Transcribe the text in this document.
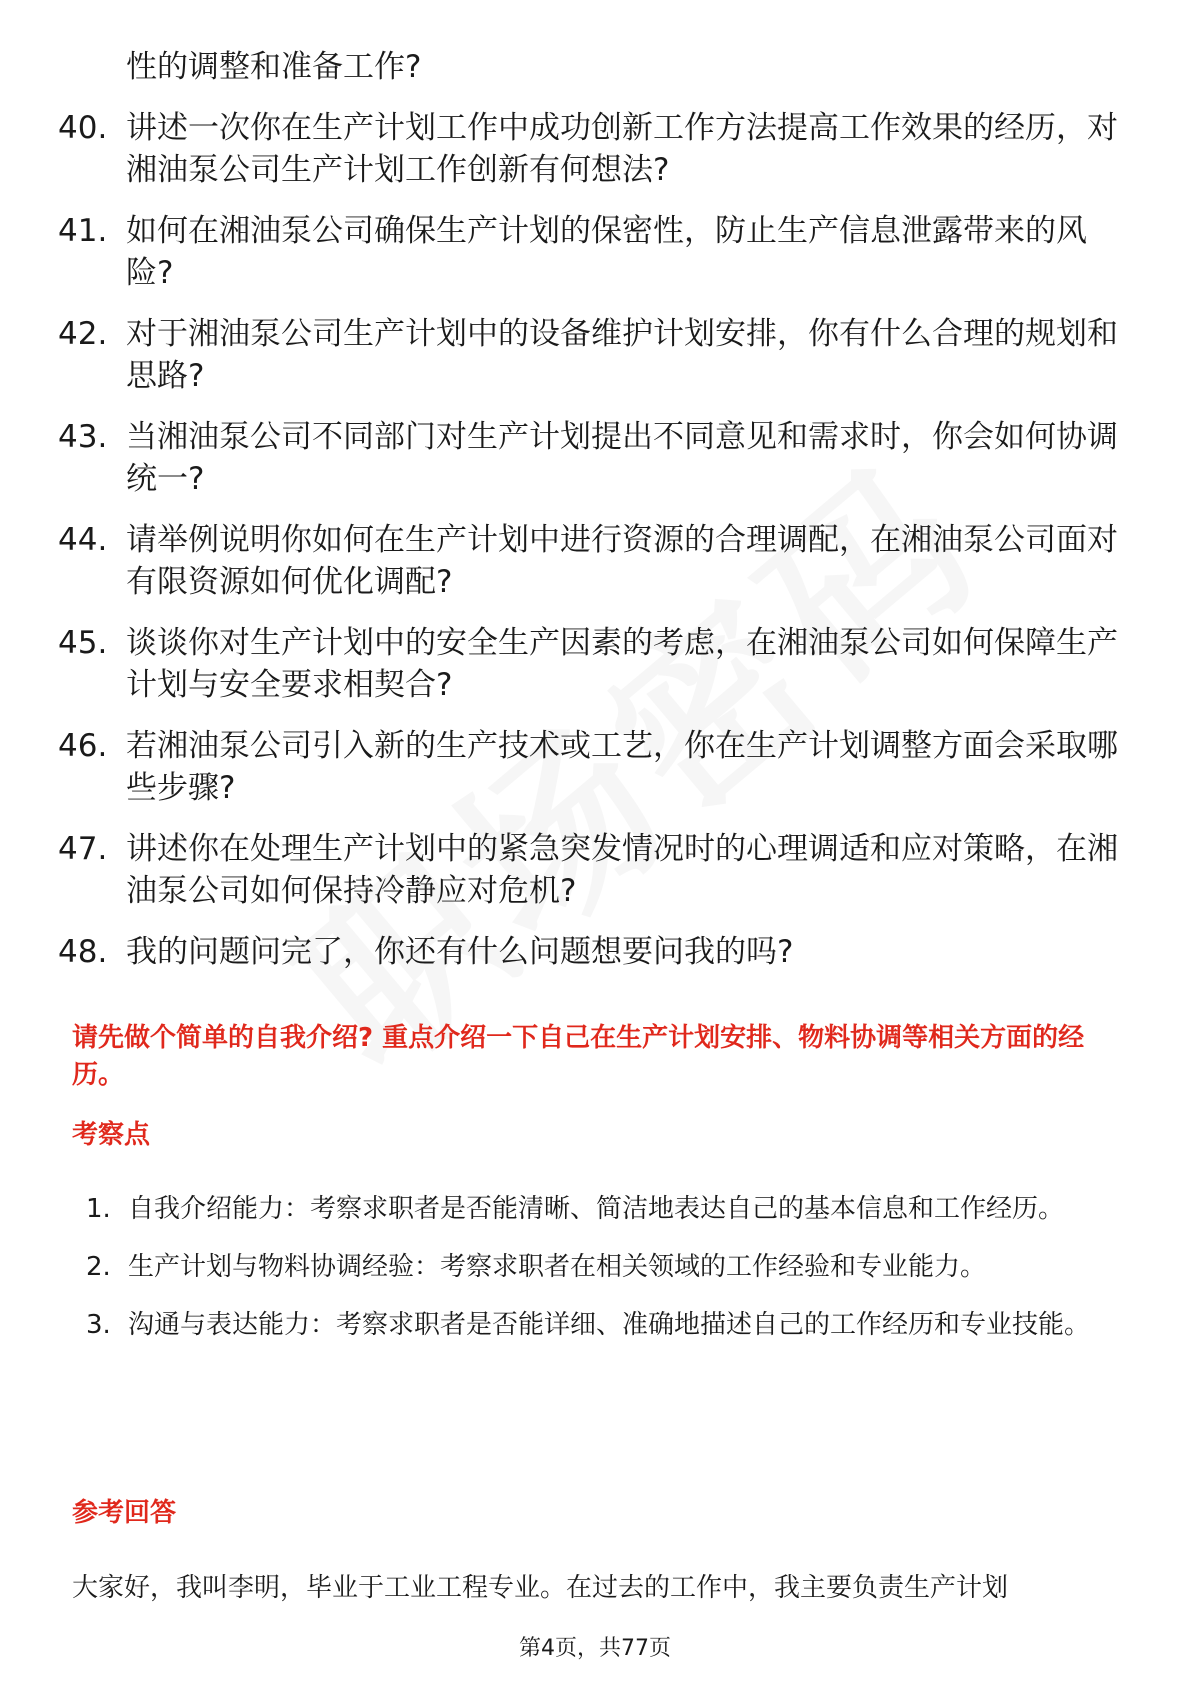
性的调整和准备工作?
40. 讲述一次你在生产计划工作中成功创新工作方法提高工作效果的经历，对湘油泵公司生产计划工作创新有何想法?
41. 如何在湘油泵公司确保生产计划的保密性，防止生产信息泄露带来的风险?
42. 对于湘油泵公司生产计划中的设备维护计划安排，你有什么合理的规划和思路?
43. 当湘油泵公司不同部门对生产计划提出不同意见和需求时，你会如何协调统一?
44. 请举例说明你如何在生产计划中进行资源的合理调配，在湘油泵公司面对有限资源如何优化调配?
45. 谈谈你对生产计划中的安全生产因素的考虑，在湘油泵公司如何保障生产计划与安全要求相契合?
46. 若湘油泵公司引入新的生产技术或工艺，你在生产计划调整方面会采取哪些步骤?
47. 讲述你在处理生产计划中的紧急突发情况时的心理调适和应对策略，在湘油泵公司如何保持冷静应对危机?
48. 我的问题问完了，你还有什么问题想要问我的吗?
请先做个简单的自我介绍? 重点介绍一下自己在生产计划安排、物料协调等相关方面的经历。
考察点
1. 自我介绍能力：考察求职者是否能清晰、简洁地表达自己的基本信息和工作经历。
2. 生产计划与物料协调经验：考察求职者在相关领域的工作经验和专业能力。
3. 沟通与表达能力：考察求职者是否能详细、准确地描述自己的工作经历和专业技能。
参考回答
大家好，我叫李明，毕业于工业工程专业。在过去的工作中，我主要负责生产计划
第4页，共77页
